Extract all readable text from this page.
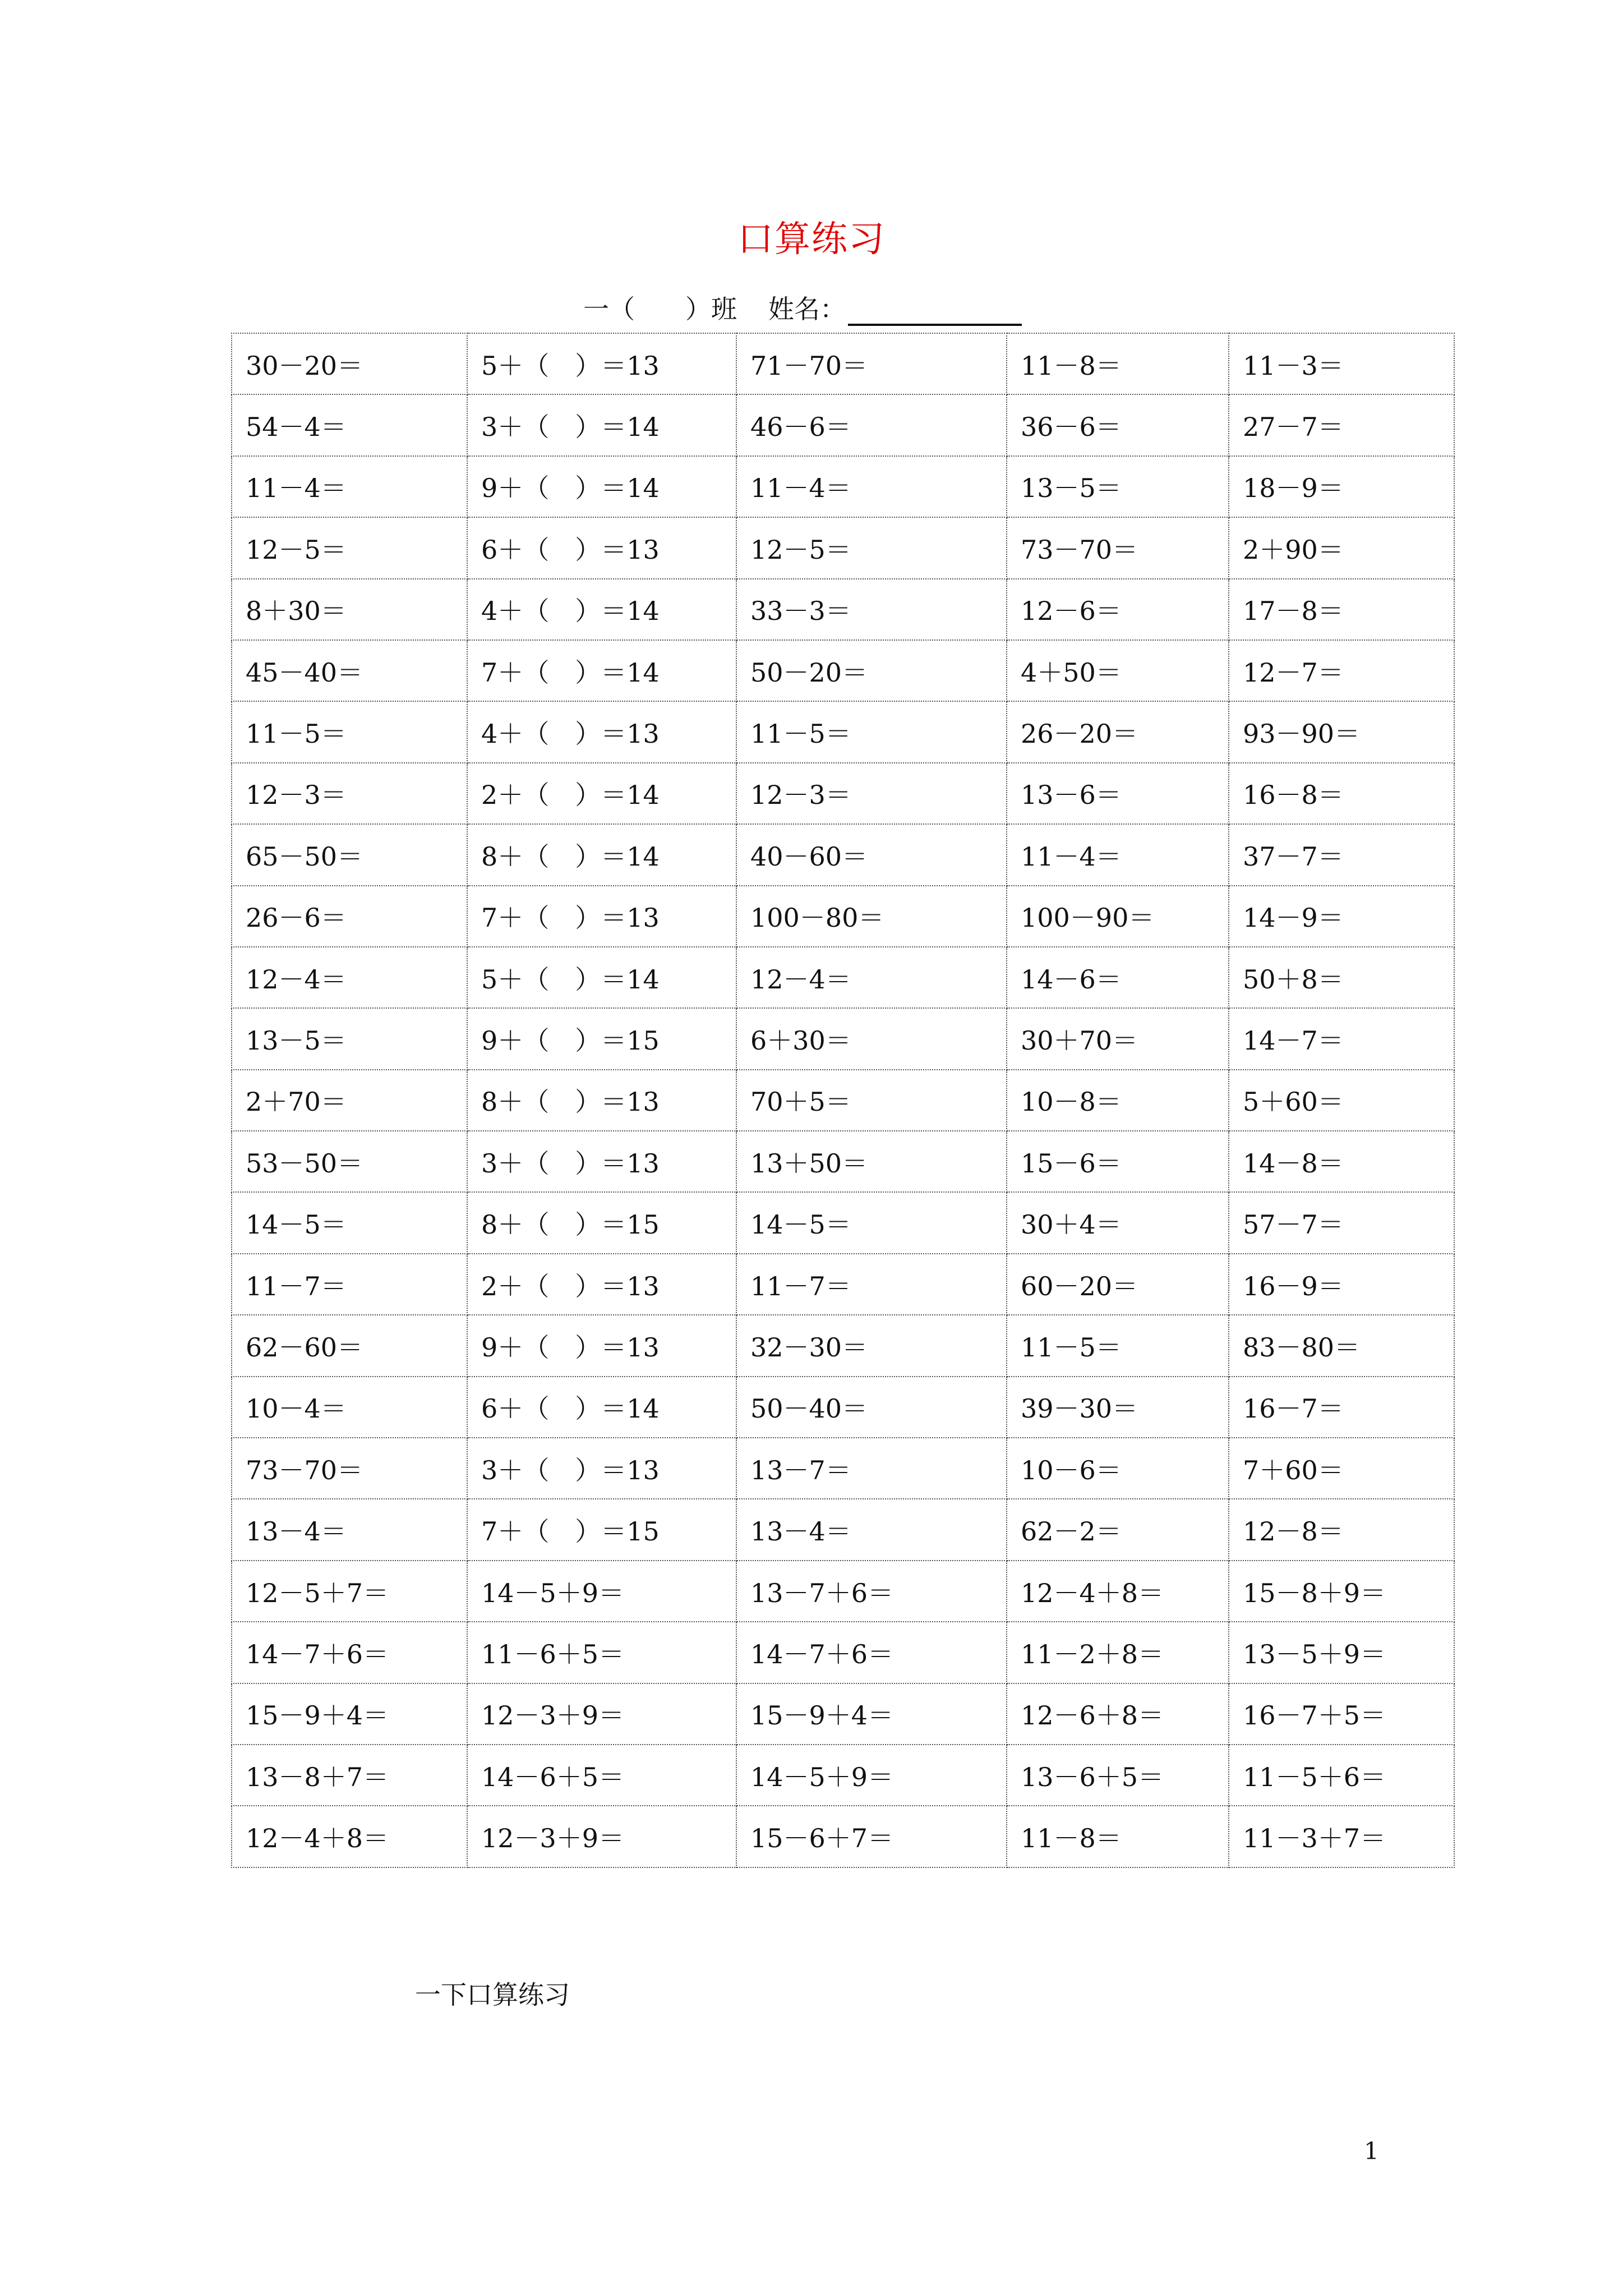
口算练习
一（ ）班 姓名：
30－20＝	5＋（　）＝13	71－70＝	11－8＝	11－3＝
54－4＝	3＋（　）＝14	46－6＝	36－6＝	27－7＝
11－4＝	9＋（　）＝14	11－4＝	13－5＝	18－9＝
12－5＝	6＋（　）＝13	12－5＝	73－70＝	2＋90＝
8＋30＝	4＋（　）＝14	33－3＝	12－6＝	17－8＝
45－40＝	7＋（　）＝14	50－20＝	4＋50＝	12－7＝
11－5＝	4＋（　）＝13	11－5＝	26－20＝	93－90＝
12－3＝	2＋（　）＝14	12－3＝	13－6＝	16－8＝
65－50＝	8＋（　）＝14	40－60＝	11－4＝	37－7＝
26－6＝	7＋（　）＝13	100－80＝	100－90＝	14－9＝
12－4＝	5＋（　）＝14	12－4＝	14－6＝	50＋8＝
13－5＝	9＋（　）＝15	6＋30＝	30＋70＝	14－7＝
2＋70＝	8＋（　）＝13	70＋5＝	10－8＝	5＋60＝
53－50＝	3＋（　）＝13	13＋50＝	15－6＝	14－8＝
14－5＝	8＋（　）＝15	14－5＝	30＋4＝	57－7＝
11－7＝	2＋（　）＝13	11－7＝	60－20＝	16－9＝
62－60＝	9＋（　）＝13	32－30＝	11－5＝	83－80＝
10－4＝	6＋（　）＝14	50－40＝	39－30＝	16－7＝
73－70＝	3＋（　）＝13	13－7＝	10－6＝	7＋60＝
13－4＝	7＋（　）＝15	13－4＝	62－2＝	12－8＝
12－5＋7＝	14－5＋9＝	13－7＋6＝	12－4＋8＝	15－8＋9＝
14－7＋6＝	11－6＋5＝	14－7＋6＝	11－2＋8＝	13－5＋9＝
15－9＋4＝	12－3＋9＝	15－9＋4＝	12－6＋8＝	16－7＋5＝
13－8＋7＝	14－6＋5＝	14－5＋9＝	13－6＋5＝	11－5＋6＝
12－4＋8＝	12－3＋9＝	15－6＋7＝	11－8＝	11－3＋7＝
一下口算练习
1
